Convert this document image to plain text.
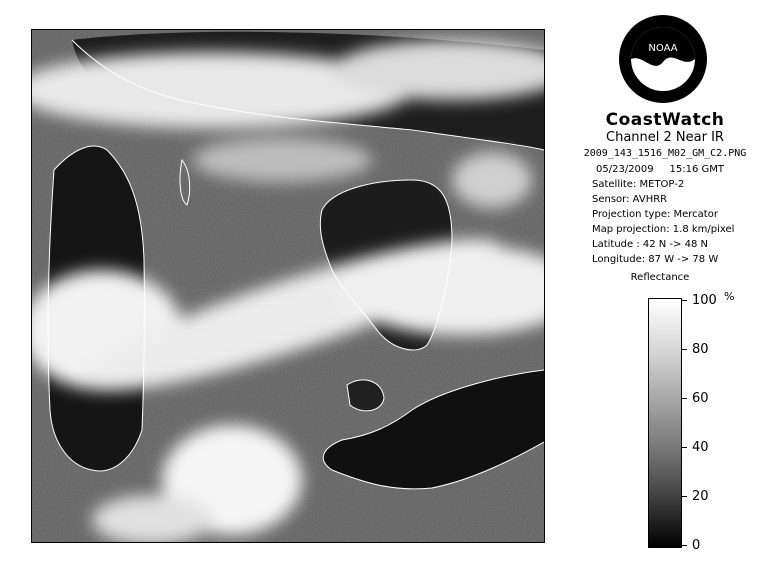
NOAA
CoastWatch
Channel 2 Near IR
2009_143_1516_M02_GM_C2.PNG
05/23/2009 15:16 GMT
Satellite: METOP-2
Sensor: AVHRR
Projection type: Mercator
Map projection: 1.8 km/pixel
Latitude : 42 N -> 48 N
Longitude: 87 W -> 78 W
Reflectance
%
100
80
60
40
20
0
